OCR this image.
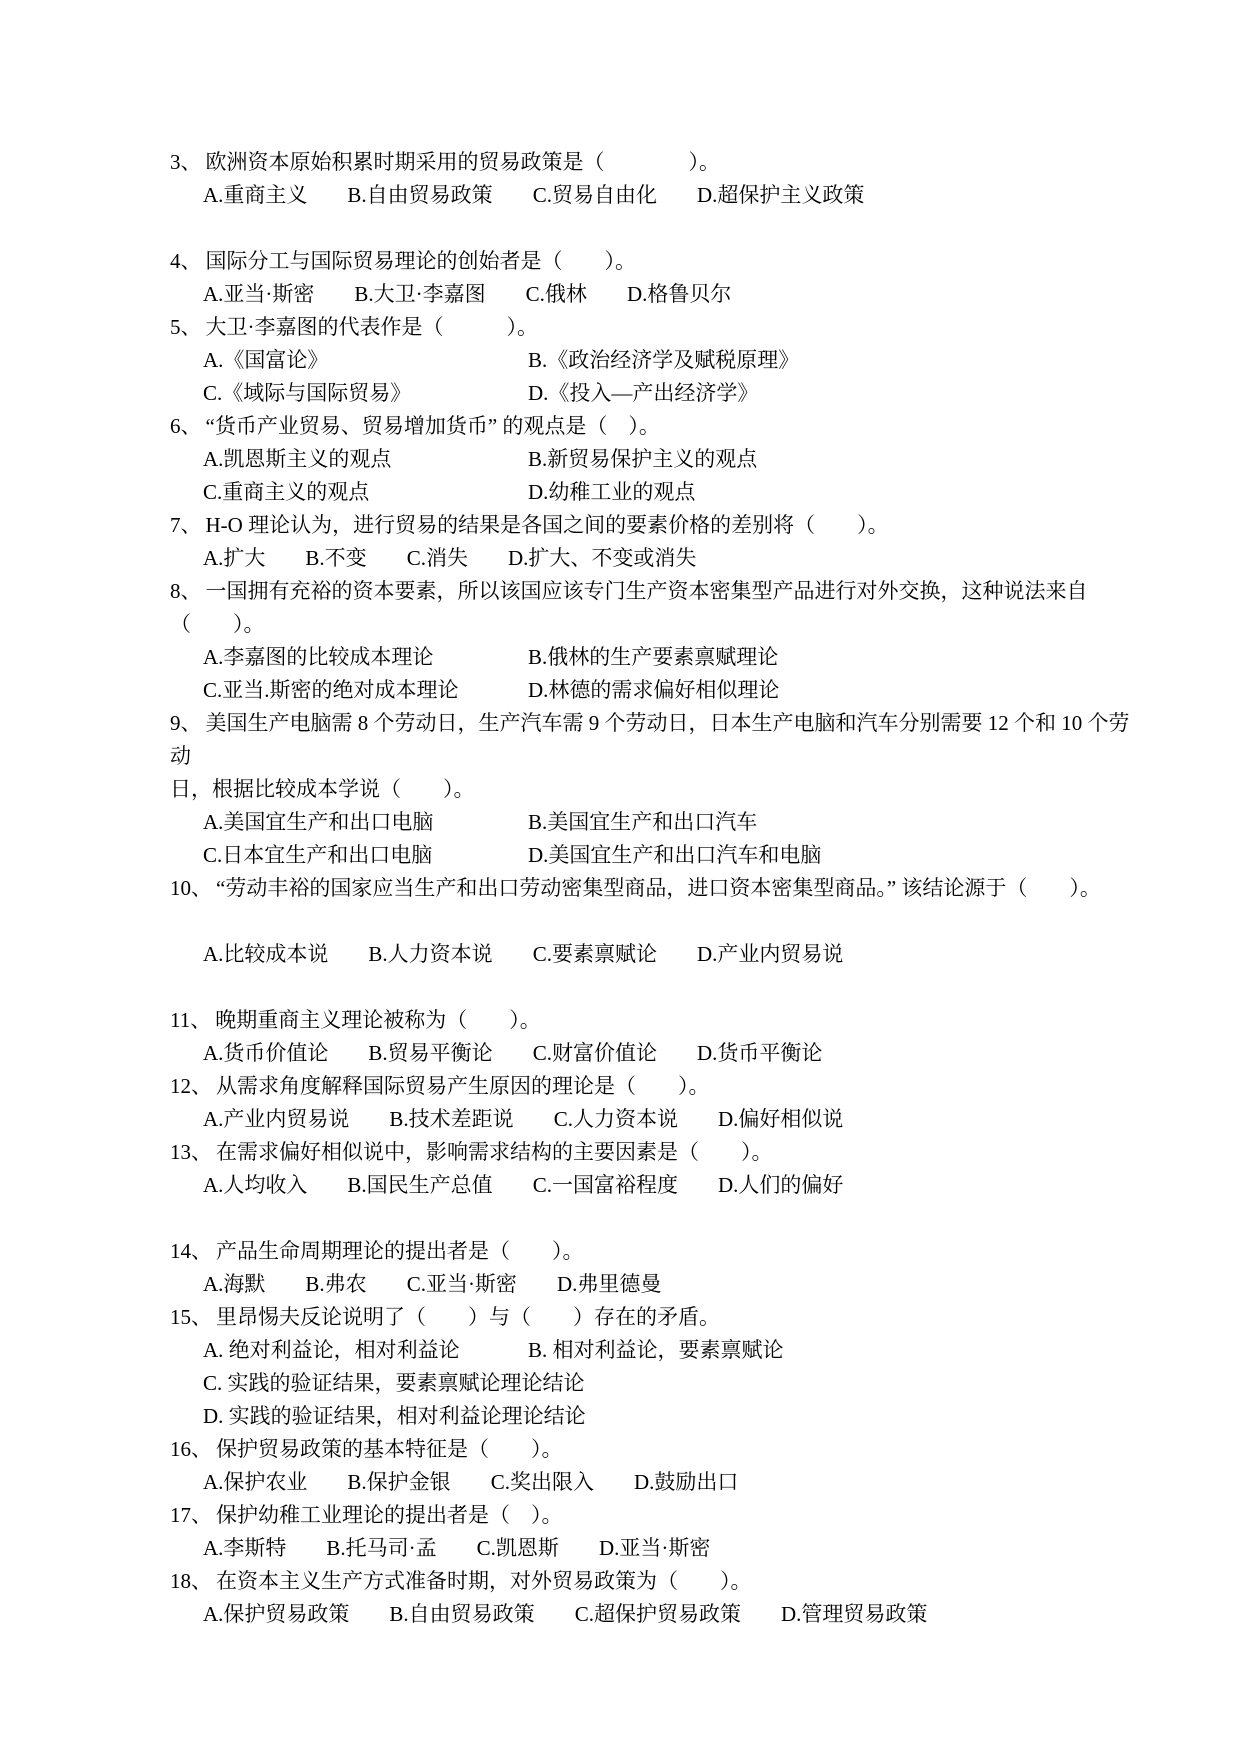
3、 欧洲资本原始积累时期采用的贸易政策是（　　　　）。
A.重商主义 B.自由贸易政策 C.贸易自由化 D.超保护主义政策
4、 国际分工与国际贸易理论的创始者是（　　）。
A.亚当·斯密 B.大卫·李嘉图 C.俄林 D.格鲁贝尔
5、 大卫·李嘉图的代表作是（　　　）。
A.《国富论》	B.《政治经济学及赋税原理》
C.《域际与国际贸易》	D.《投入—产出经济学》
6、 “货币产业贸易、贸易增加货币” 的观点是（　）。
A.凯恩斯主义的观点	B.新贸易保护主义的观点
C.重商主义的观点	D.幼稚工业的观点
7、 H-O 理论认为，进行贸易的结果是各国之间的要素价格的差别将（　　）。
A.扩大 B.不变 C.消失 D.扩大、不变或消失
8、 一国拥有充裕的资本要素，所以该国应该专门生产资本密集型产品进行对外交换，这种说法来自
（　　）。
A.李嘉图的比较成本理论	B.俄林的生产要素禀赋理论
C.亚当.斯密的绝对成本理论	D.林德的需求偏好相似理论
9、 美国生产电脑需 8 个劳动日，生产汽车需 9 个劳动日，日本生产电脑和汽车分别需要 12 个和 10 个劳动
日，根据比较成本学说（　　）。
A.美国宜生产和出口电脑	B.美国宜生产和出口汽车
C.日本宜生产和出口电脑	D.美国宜生产和出口汽车和电脑
10、 “劳动丰裕的国家应当生产和出口劳动密集型商品，进口资本密集型商品。” 该结论源于（　　）。
A.比较成本说 B.人力资本说 C.要素禀赋论 D.产业内贸易说
11、 晚期重商主义理论被称为（　　）。
A.货币价值论 B.贸易平衡论 C.财富价值论 D.货币平衡论
12、 从需求角度解释国际贸易产生原因的理论是（　　）。
A.产业内贸易说 B.技术差距说 C.人力资本说 D.偏好相似说
13、 在需求偏好相似说中，影响需求结构的主要因素是（　　）。
A.人均收入 B.国民生产总值 C.一国富裕程度 D.人们的偏好
14、 产品生命周期理论的提出者是（　　）。
A.海默 B.弗农 C.亚当·斯密 D.弗里德曼
15、 里昂惕夫反论说明了（　　）与（　　）存在的矛盾。
A. 绝对利益论，相对利益论	B. 相对利益论，要素禀赋论
C. 实践的验证结果，要素禀赋论理论结论
D. 实践的验证结果，相对利益论理论结论
16、 保护贸易政策的基本特征是（　　）。
A.保护农业 B.保护金银 C.奖出限入 D.鼓励出口
17、 保护幼稚工业理论的提出者是（　）。
A.李斯特 B.托马司·孟 C.凯恩斯 D.亚当·斯密
18、 在资本主义生产方式准备时期，对外贸易政策为（　　）。
A.保护贸易政策 B.自由贸易政策 C.超保护贸易政策 D.管理贸易政策
